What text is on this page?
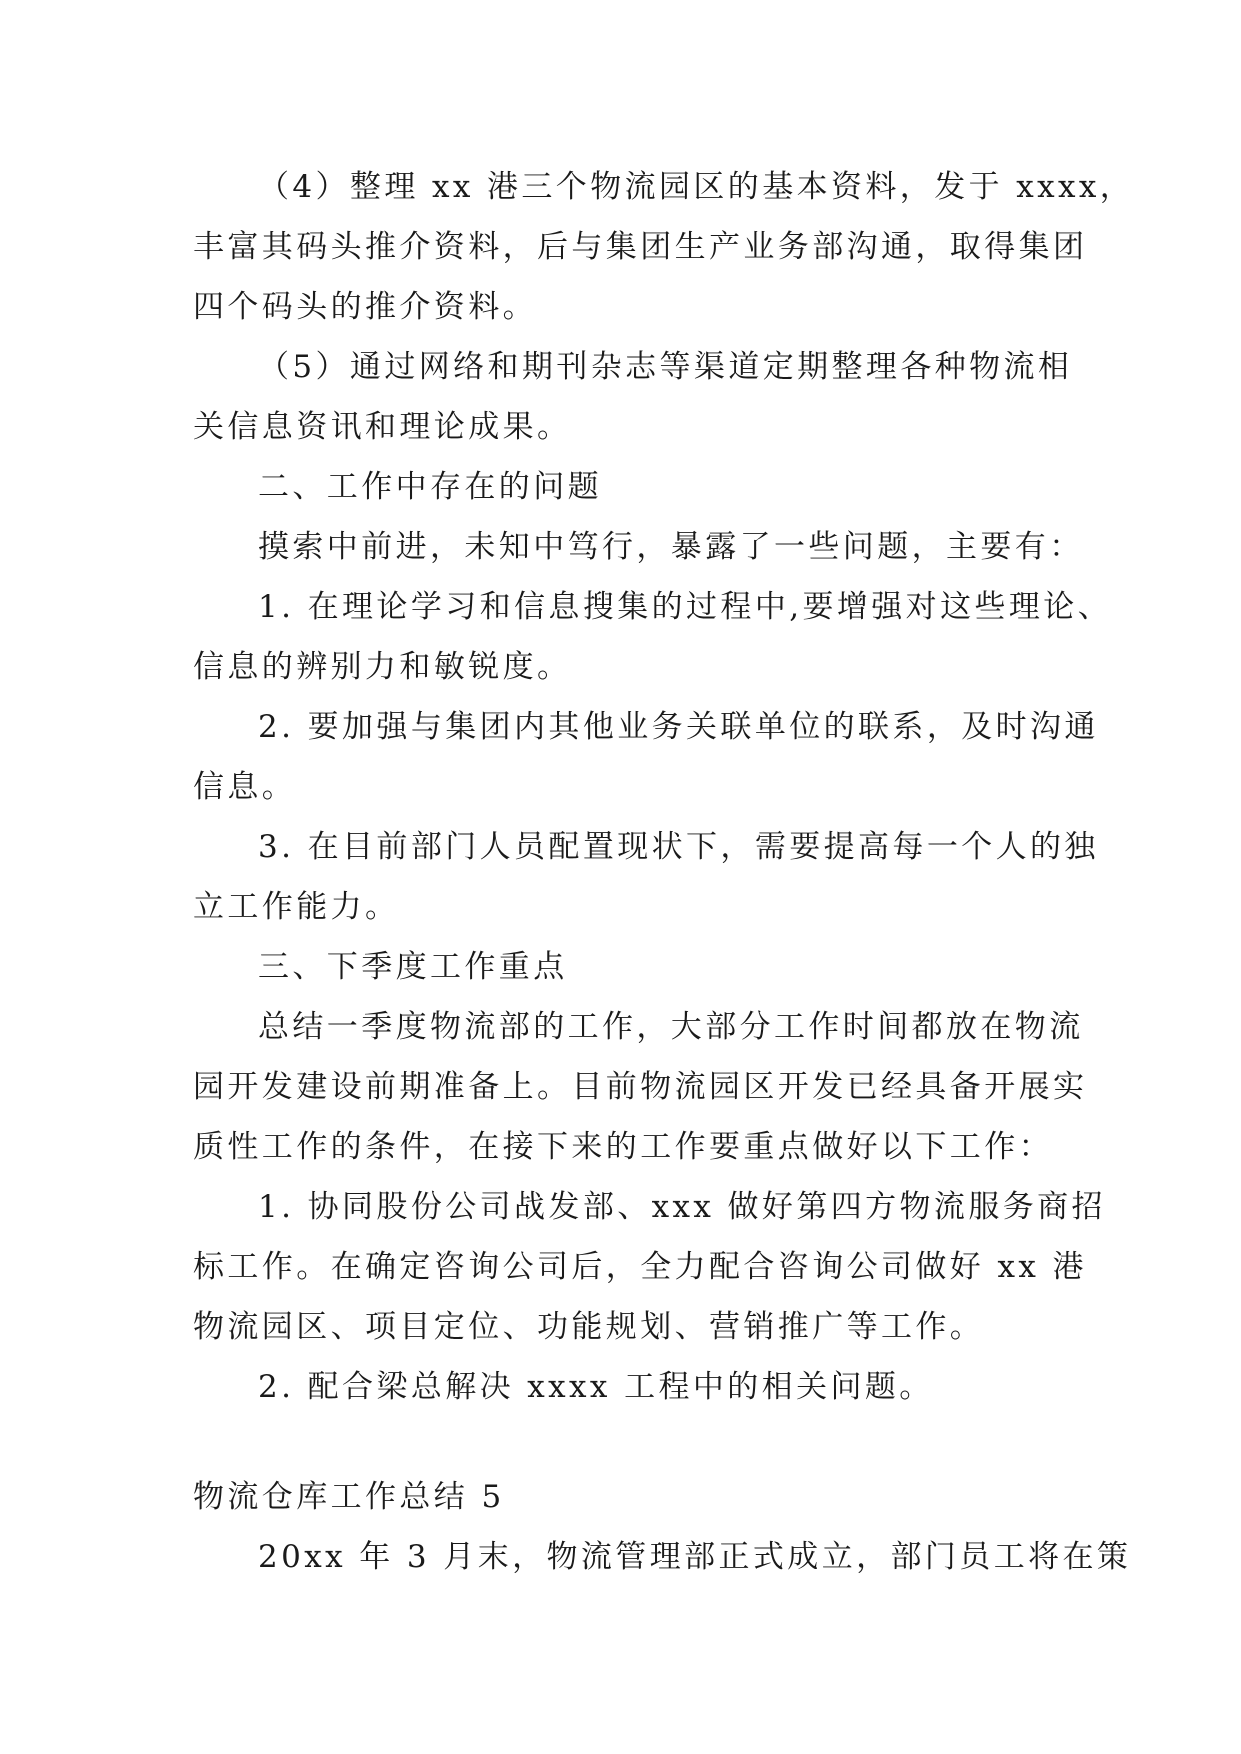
（4）整理 xx 港三个物流园区的基本资料，发于 xxxx，
丰富其码头推介资料，后与集团生产业务部沟通，取得集团
四个码头的推介资料。
（5）通过网络和期刊杂志等渠道定期整理各种物流相
关信息资讯和理论成果。
二、工作中存在的问题
摸索中前进，未知中笃行，暴露了一些问题，主要有：
1. 在理论学习和信息搜集的过程中,要增强对这些理论、
信息的辨别力和敏锐度。
2. 要加强与集团内其他业务关联单位的联系，及时沟通
信息。
3. 在目前部门人员配置现状下，需要提高每一个人的独
立工作能力。
三、下季度工作重点
总结一季度物流部的工作，大部分工作时间都放在物流
园开发建设前期准备上。目前物流园区开发已经具备开展实
质性工作的条件，在接下来的工作要重点做好以下工作：
1. 协同股份公司战发部、xxx 做好第四方物流服务商招
标工作。在确定咨询公司后，全力配合咨询公司做好 xx 港
物流园区、项目定位、功能规划、营销推广等工作。
2. 配合梁总解决 xxxx 工程中的相关问题。
物流仓库工作总结 5
20xx 年 3 月末，物流管理部正式成立，部门员工将在策
